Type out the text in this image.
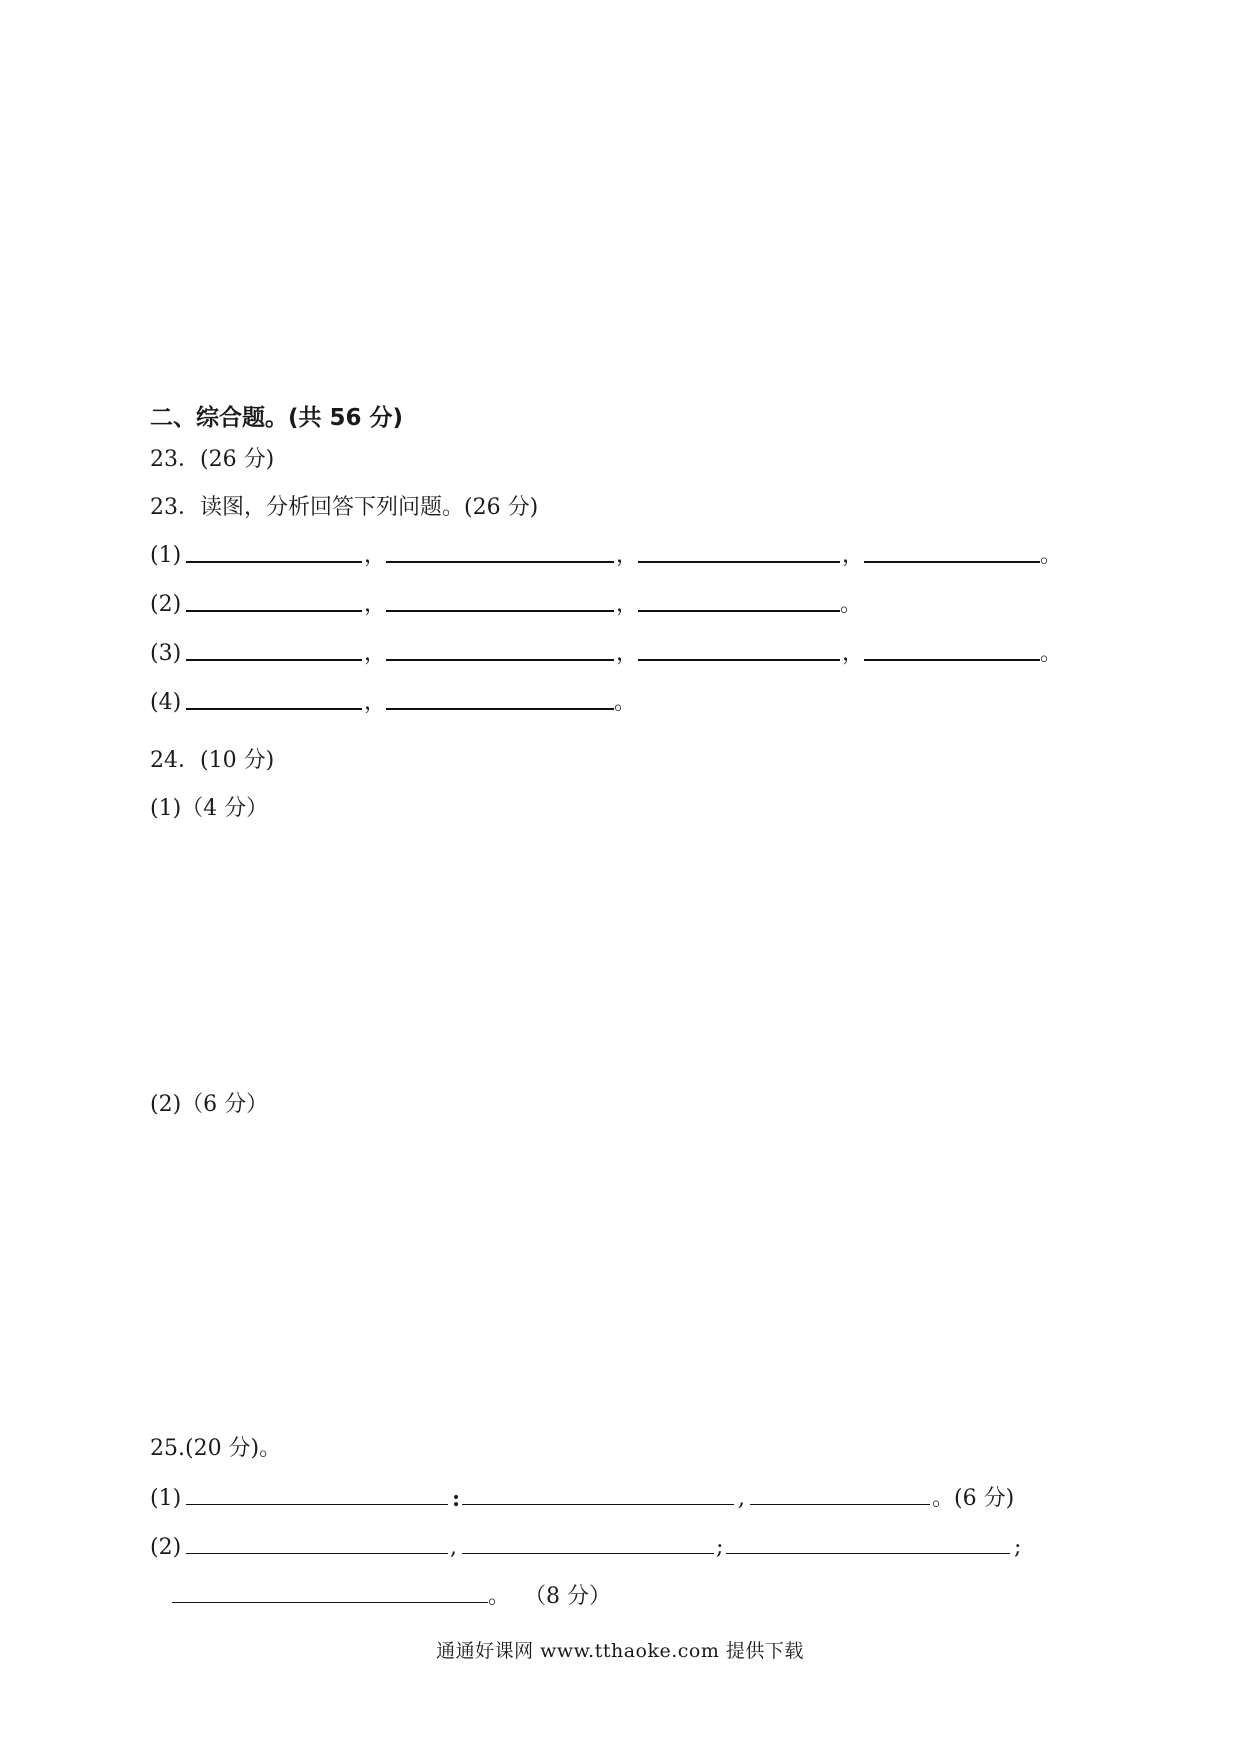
二、综合题。(共 56 分)
23．(26 分)
23．读图，分析回答下列问题。(26 分)
(1)	，	，	，	。
(2)	，	，	。
(3)	，	，	，	。
(4)	，	。
24．(10 分)
(1)（4 分）
(2)（6 分）
25.(20 分)。
(1)	:	,	。(6 分)
(2)	,	;	;
。  （8 分）
通通好课网 www.tthaoke.com 提供下载
